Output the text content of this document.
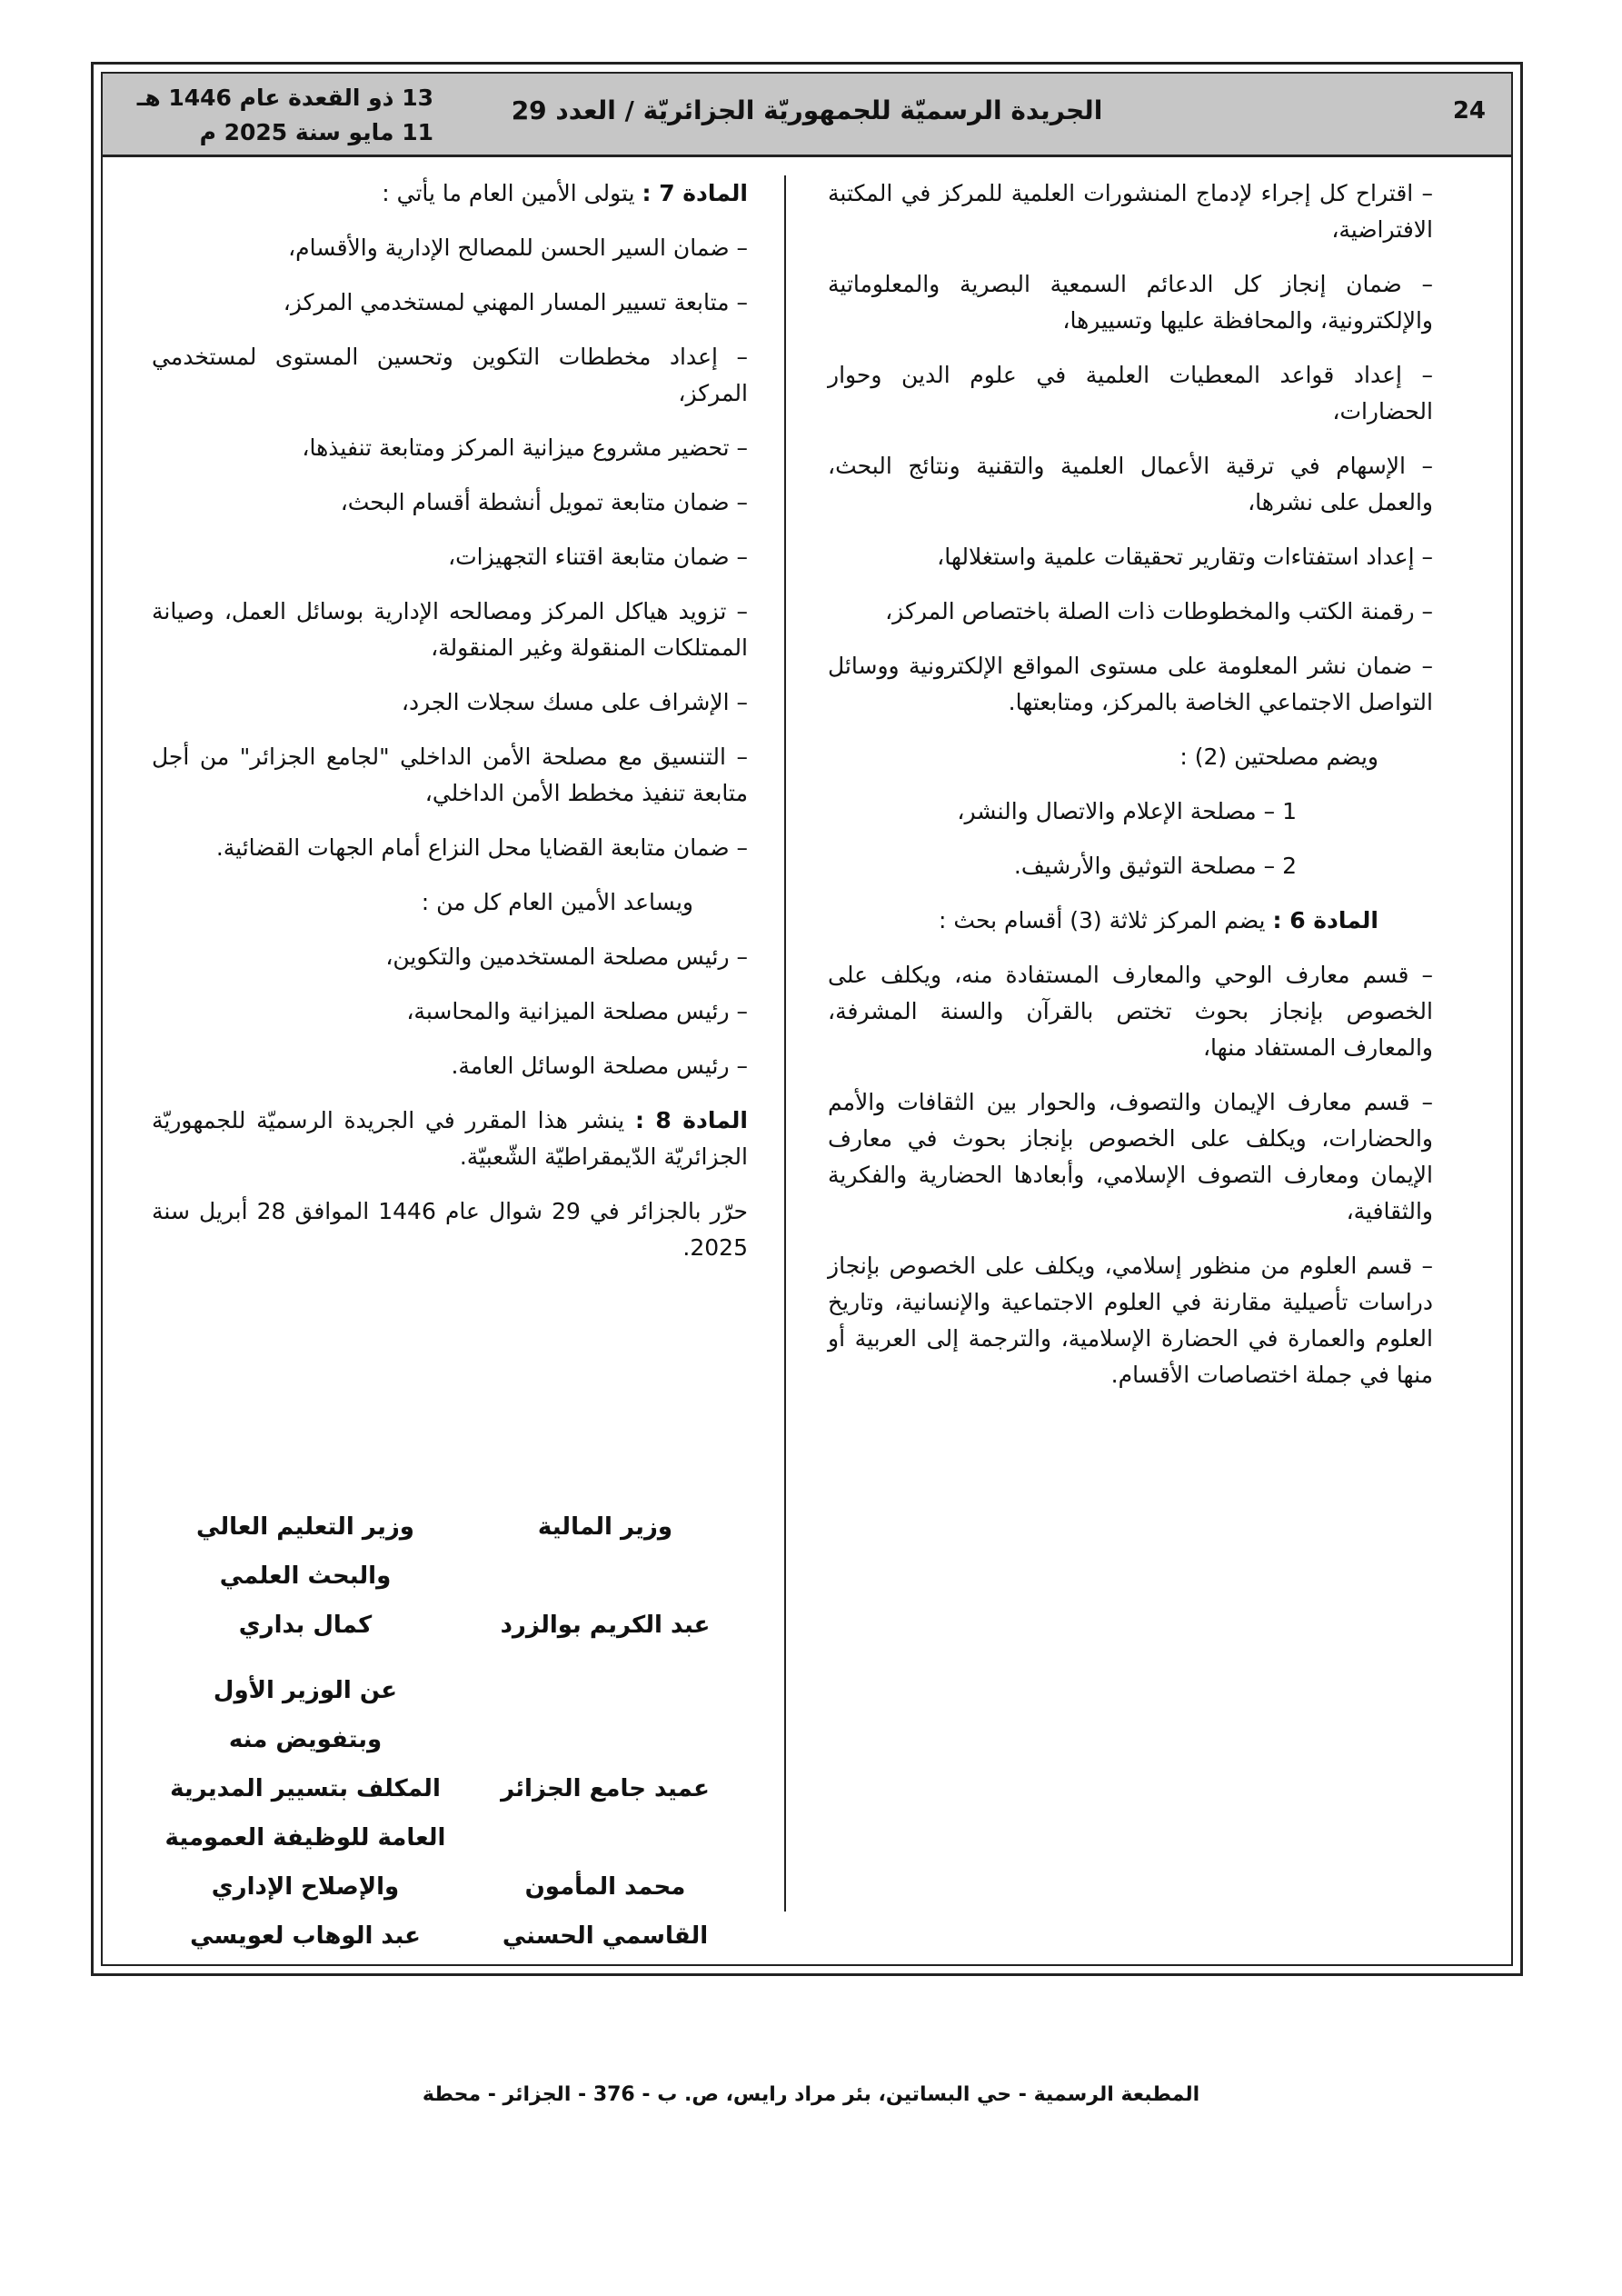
24
الجريدة الرسميّة للجمهوريّة الجزائريّة / العدد 29
13 ذو القعدة عام 1446 هـ
11 مايو سنة 2025 م

– اقتراح كل إجراء لإدماج المنشورات العلمية للمركز في المكتبة الافتراضية،

– ضمان إنجاز كل الدعائم السمعية البصرية والمعلوماتية والإلكترونية، والمحافظة عليها وتسييرها،

– إعداد قواعد المعطيات العلمية في علوم الدين وحوار الحضارات،

– الإسهام في ترقية الأعمال العلمية والتقنية ونتائج البحث، والعمل على نشرها،

– إعداد استفتاءات وتقارير تحقيقات علمية واستغلالها،

– رقمنة الكتب والمخطوطات ذات الصلة باختصاص المركز،

– ضمان نشر المعلومة على مستوى المواقع الإلكترونية ووسائل التواصل الاجتماعي الخاصة بالمركز، ومتابعتها.

ويضم مصلحتين (2) :

1 – مصلحة الإعلام والاتصال والنشر،

2 – مصلحة التوثيق والأرشيف.

المادة 6 : يضم المركز ثلاثة (3) أقسام بحث :

– قسم معارف الوحي والمعارف المستفادة منه، ويكلف على الخصوص بإنجاز بحوث تختص بالقرآن والسنة المشرفة، والمعارف المستفاد منها،

– قسم معارف الإيمان والتصوف، والحوار بين الثقافات والأمم والحضارات، ويكلف على الخصوص بإنجاز بحوث في معارف الإيمان ومعارف التصوف الإسلامي، وأبعادها الحضارية والفكرية والثقافية،

– قسم العلوم من منظور إسلامي، ويكلف على الخصوص بإنجاز دراسات تأصيلية مقارنة في العلوم الاجتماعية والإنسانية، وتاريخ العلوم والعمارة في الحضارة الإسلامية، والترجمة إلى العربية أو منها في جملة اختصاصات الأقسام.

المادة 7 : يتولى الأمين العام ما يأتي :

– ضمان السير الحسن للمصالح الإدارية والأقسام،

– متابعة تسيير المسار المهني لمستخدمي المركز،

– إعداد مخططات التكوين وتحسين المستوى لمستخدمي المركز،

– تحضير مشروع ميزانية المركز ومتابعة تنفيذها،

– ضمان متابعة تمويل أنشطة أقسام البحث،

– ضمان متابعة اقتناء التجهيزات،

– تزويد هياكل المركز ومصالحه الإدارية بوسائل العمل، وصيانة الممتلكات المنقولة وغير المنقولة،

– الإشراف على مسك سجلات الجرد،

– التنسيق مع مصلحة الأمن الداخلي "لجامع الجزائر" من أجل متابعة تنفيذ مخطط الأمن الداخلي،

– ضمان متابعة القضايا محل النزاع أمام الجهات القضائية.

ويساعد الأمين العام كل من :

– رئيس مصلحة المستخدمين والتكوين،

– رئيس مصلحة الميزانية والمحاسبة،

– رئيس مصلحة الوسائل العامة.

المادة 8 : ينشر هذا المقرر في الجريدة الرسميّة للجمهوريّة الجزائريّة الدّيمقراطيّة الشّعبيّة.

حرّر بالجزائر في 29 شوال عام 1446 الموافق 28 أبريل سنة 2025.

وزير المالية
وزير التعليم العالي
والبحث العلمي
عبد الكريم بوالزرد
كمال بداري
عن الوزير الأول
وبتفويض منه
عميد جامع الجزائر
المكلف بتسيير المديرية
العامة للوظيفة العمومية
محمد المأمون
والإصلاح الإداري
القاسمي الحسني
عبد الوهاب لعويسي
المطبعة الرسمية - حي البساتين، بئر مراد رايس، ص. ب - 376 - الجزائر - محطة
